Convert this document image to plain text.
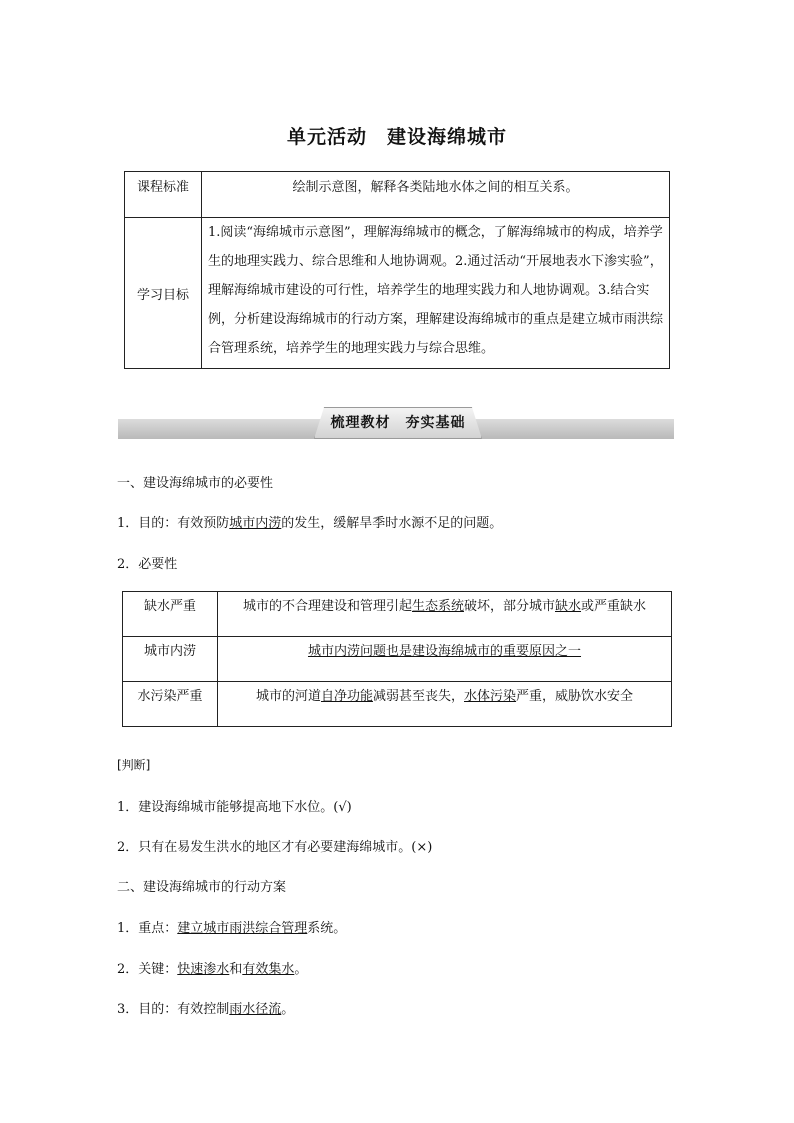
单元活动　建设海绵城市
课程标准	绘制示意图，解释各类陆地水体之间的相互关系。
学习目标	1.阅读“海绵城市示意图”，理解海绵城市的概念，了解海绵城市的构成，培养学生的地理实践力、综合思维和人地协调观。2.通过活动“开展地表水下渗实验”，理解海绵城市建设的可行性，培养学生的地理实践力和人地协调观。3.结合实例，分析建设海绵城市的行动方案，理解建设海绵城市的重点是建立城市雨洪综合管理系统，培养学生的地理实践力与综合思维。
梳理教材　夯实基础
一、建设海绵城市的必要性
1．目的：有效预防城市内涝的发生，缓解旱季时水源不足的问题。
2．必要性
缺水严重	城市的不合理建设和管理引起生态系统破坏，部分城市缺水或严重缺水
城市内涝	城市内涝问题也是建设海绵城市的重要原因之一
水污染严重	城市的河道自净功能减弱甚至丧失，水体污染严重，威胁饮水安全
[判断]
1．建设海绵城市能够提高地下水位。(√)
2．只有在易发生洪水的地区才有必要建海绵城市。(×)
二、建设海绵城市的行动方案
1．重点：建立城市雨洪综合管理系统。
2．关键：快速渗水和有效集水。
3．目的：有效控制雨水径流。
